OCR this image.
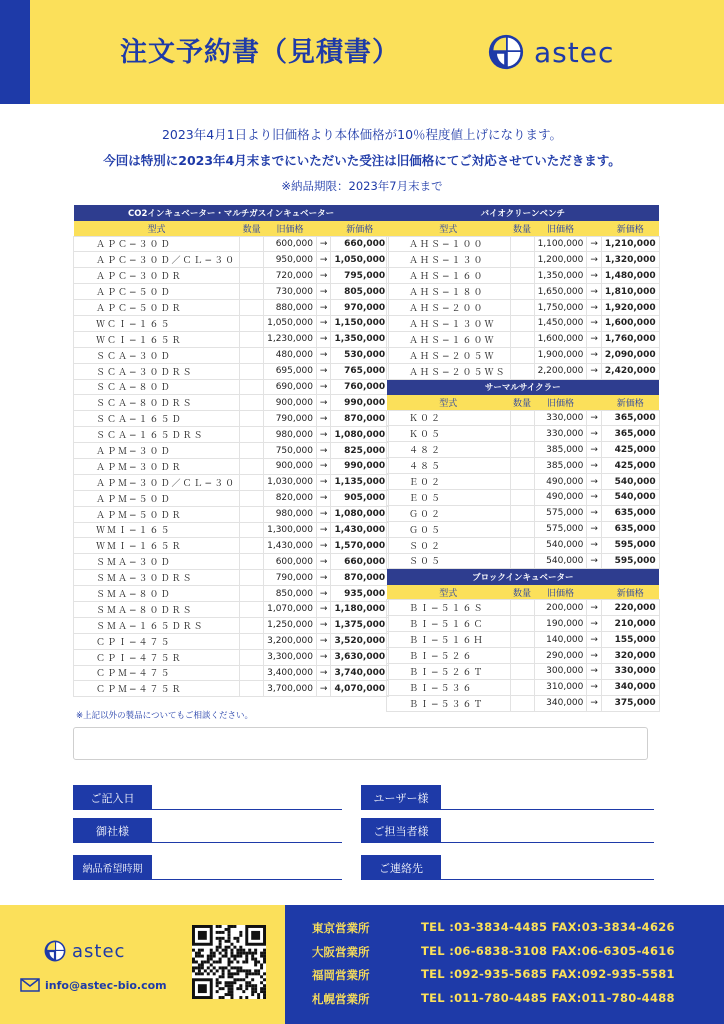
注文予約書（見積書）	astec
2023年4月1日より旧価格より本体価格が10％程度値上げになります。
今回は特別に2023年4月末までにいただいた受注は旧価格にてご対応させていただきます。
※納品期限：2023年7月末まで
CO2インキュベーター・マルチガスインキュベーター				
型式	数量	旧価格		新価格
ＡＰＣ−３０Ｄ		600,000	→	660,000
ＡＰＣ−３０Ｄ／ＣＬ−３０		950,000	→	1,050,000
ＡＰＣ−３０ＤＲ		720,000	→	795,000
ＡＰＣ−５０Ｄ		730,000	→	805,000
ＡＰＣ−５０ＤＲ		880,000	→	970,000
ＷＣＩ−１６５		1,050,000	→	1,150,000
ＷＣＩ−１６５Ｒ		1,230,000	→	1,350,000
ＳＣＡ−３０Ｄ		480,000	→	530,000
ＳＣＡ−３０ＤＲＳ		695,000	→	765,000
ＳＣＡ−８０Ｄ		690,000	→	760,000
ＳＣＡ−８０ＤＲＳ		900,000	→	990,000
ＳＣＡ−１６５Ｄ		790,000	→	870,000
ＳＣＡ−１６５ＤＲＳ		980,000	→	1,080,000
ＡＰＭ−３０Ｄ		750,000	→	825,000
ＡＰＭ−３０ＤＲ		900,000	→	990,000
ＡＰＭ−３０Ｄ／ＣＬ−３０		1,030,000	→	1,135,000
ＡＰＭ−５０Ｄ		820,000	→	905,000
ＡＰＭ−５０ＤＲ		980,000	→	1,080,000
ＷＭＩ−１６５		1,300,000	→	1,430,000
ＷＭＩ−１６５Ｒ		1,430,000	→	1,570,000
ＳＭＡ−３０Ｄ		600,000	→	660,000
ＳＭＡ−３０ＤＲＳ		790,000	→	870,000
ＳＭＡ−８０Ｄ		850,000	→	935,000
ＳＭＡ−８０ＤＲＳ		1,070,000	→	1,180,000
ＳＭＡ−１６５ＤＲＳ		1,250,000	→	1,375,000
ＣＰＩ−４７５		3,200,000	→	3,520,000
ＣＰＩ−４７５Ｒ		3,300,000	→	3,630,000
ＣＰＭ−４７５		3,400,000	→	3,740,000
ＣＰＭ−４７５Ｒ		3,700,000	→	4,070,000
バイオクリーンベンチ				
型式	数量	旧価格		新価格
ＡＨＳ−１００		1,100,000	→	1,210,000
ＡＨＳ−１３０		1,200,000	→	1,320,000
ＡＨＳ−１６０		1,350,000	→	1,480,000
ＡＨＳ−１８０		1,650,000	→	1,810,000
ＡＨＳ−２００		1,750,000	→	1,920,000
ＡＨＳ−１３０Ｗ		1,450,000	→	1,600,000
ＡＨＳ−１６０Ｗ		1,600,000	→	1,760,000
ＡＨＳ−２０５Ｗ		1,900,000	→	2,090,000
ＡＨＳ−２０５ＷＳ		2,200,000	→	2,420,000
サーマルサイクラー				
型式	数量	旧価格		新価格
Ｋ０２		330,000	→	365,000
Ｋ０５		330,000	→	365,000
４８２		385,000	→	425,000
４８５		385,000	→	425,000
Ｅ０２		490,000	→	540,000
Ｅ０５		490,000	→	540,000
Ｇ０２		575,000	→	635,000
Ｇ０５		575,000	→	635,000
Ｓ０２		540,000	→	595,000
Ｓ０５		540,000	→	595,000
ブロックインキュベーター				
型式	数量	旧価格		新価格
ＢＩ−５１６Ｓ		200,000	→	220,000
ＢＩ−５１６Ｃ		190,000	→	210,000
ＢＩ−５１６Ｈ		140,000	→	155,000
ＢＩ−５２６		290,000	→	320,000
ＢＩ−５２６Ｔ		300,000	→	330,000
ＢＩ−５３６		310,000	→	340,000
ＢＩ−５３６Ｔ		340,000	→	375,000
※上記以外の製品についてもご相談ください。
ご記入日	ユーザー様
御社様	ご担当者様
納品希望時期	ご連絡先
astec
info@astec-bio.com
東京営業所	TEL :03-3834-4485 FAX:03-3834-4626
大阪営業所	TEL :06-6838-3108 FAX:06-6305-4616
福岡営業所	TEL :092-935-5685 FAX:092-935-5581
札幌営業所	TEL :011-780-4485 FAX:011-780-4488
